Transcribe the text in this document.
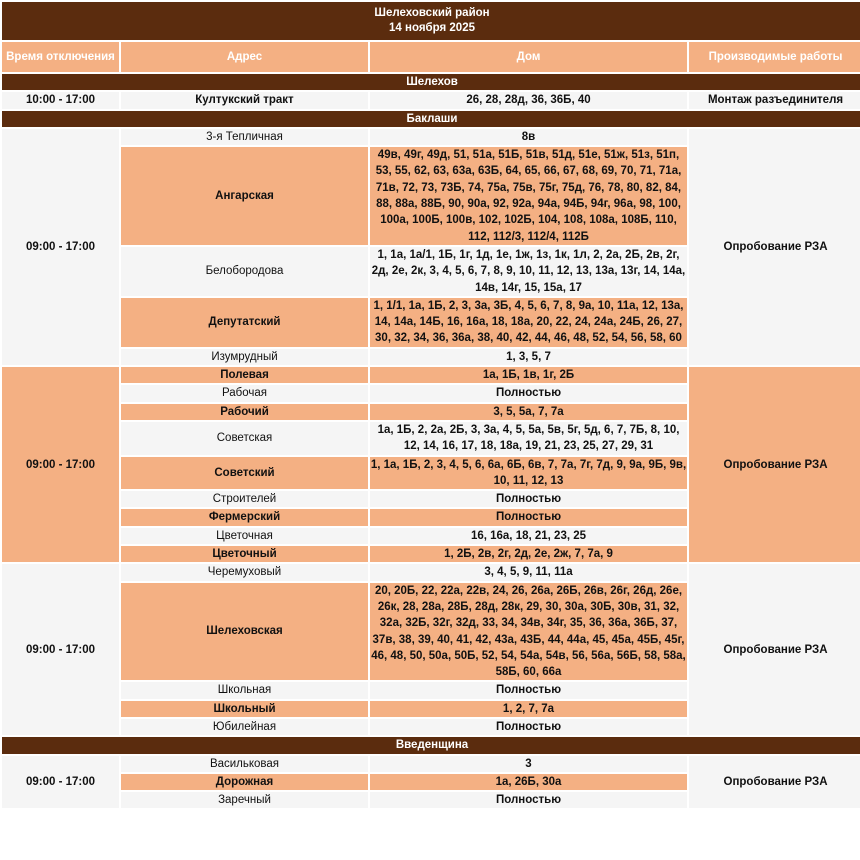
Шелеховский район
14 ноября 2025			

Время отключения	Адрес	Дом	Производимые работы
Шелехов			
10:00 - 17:00	Култукский тракт	26, 28, 28д, 36, 36Б, 40	Монтаж разъединителя
Баклаши			
09:00 - 17:00	3-я Тепличная	8в	Опробование РЗА
	Ангарская	49в, 49г, 49д, 51, 51а, 51Б, 51в, 51д, 51е, 51ж, 51з, 51п, 53, 55, 62, 63, 63а, 63Б, 64, 65, 66, 67, 68, 69, 70, 71, 71а, 71в, 72, 73, 73Б, 74, 75а, 75в, 75г, 75д, 76, 78, 80, 82, 84, 88, 88а, 88Б, 90, 90а, 92, 92а, 94а, 94Б, 94г, 96а, 98, 100, 100а, 100Б, 100в, 102, 102Б, 104, 108, 108а, 108Б, 110, 112, 112/3, 112/4, 112Б	
	Белобородова	1, 1а, 1а/1, 1Б, 1г, 1д, 1е, 1ж, 1з, 1к, 1л, 2, 2а, 2Б, 2в, 2г, 2д, 2е, 2к, 3, 4, 5, 6, 7, 8, 9, 10, 11, 12, 13, 13а, 13г, 14, 14а, 14в, 14г, 15, 15а, 17	
	Депутатский	1, 1/1, 1а, 1Б, 2, 3, 3а, 3Б, 4, 5, 6, 7, 8, 9а, 10, 11а, 12, 13а, 14, 14а, 14Б, 16, 16а, 18, 18а, 20, 22, 24, 24а, 24Б, 26, 27, 30, 32, 34, 36, 36а, 38, 40, 42, 44, 46, 48, 52, 54, 56, 58, 60	
	Изумрудный	1, 3, 5, 7	
09:00 - 17:00	Полевая	1а, 1Б, 1в, 1г, 2Б	Опробование РЗА
	Рабочая	Полностью	
	Рабочий	3, 5, 5а, 7, 7а	
	Советская	1а, 1Б, 2, 2а, 2Б, 3, 3а, 4, 5, 5а, 5в, 5г, 5д, 6, 7, 7Б, 8, 10, 12, 14, 16, 17, 18, 18а, 19, 21, 23, 25, 27, 29, 31	
	Советский	1, 1а, 1Б, 2, 3, 4, 5, 6, 6а, 6Б, 6в, 7, 7а, 7г, 7д, 9, 9а, 9Б, 9в, 10, 11, 12, 13	
	Строителей	Полностью	
	Фермерский	Полностью	
	Цветочная	16, 16а, 18, 21, 23, 25	
	Цветочный	1, 2Б, 2в, 2г, 2д, 2е, 2ж, 7, 7а, 9	
09:00 - 17:00	Черемуховый	3, 4, 5, 9, 11, 11а	Опробование РЗА
	Шелеховская	20, 20Б, 22, 22а, 22в, 24, 26, 26а, 26Б, 26в, 26г, 26д, 26е, 26к, 28, 28а, 28Б, 28д, 28к, 29, 30, 30а, 30Б, 30в, 31, 32, 32а, 32Б, 32г, 32д, 33, 34, 34в, 34г, 35, 36, 36а, 36Б, 37, 37в, 38, 39, 40, 41, 42, 43а, 43Б, 44, 44а, 45, 45а, 45Б, 45г, 46, 48, 50, 50а, 50Б, 52, 54, 54а, 54в, 56, 56а, 56Б, 58, 58а, 58Б, 60, 66а	
	Школьная	Полностью	
	Школьный	1, 2, 7, 7а	
	Юбилейная	Полностью	
Введенщина			
09:00 - 17:00	Васильковая	3	Опробование РЗА
	Дорожная	1а, 26Б, 30а	
	Заречный	Полностью	
